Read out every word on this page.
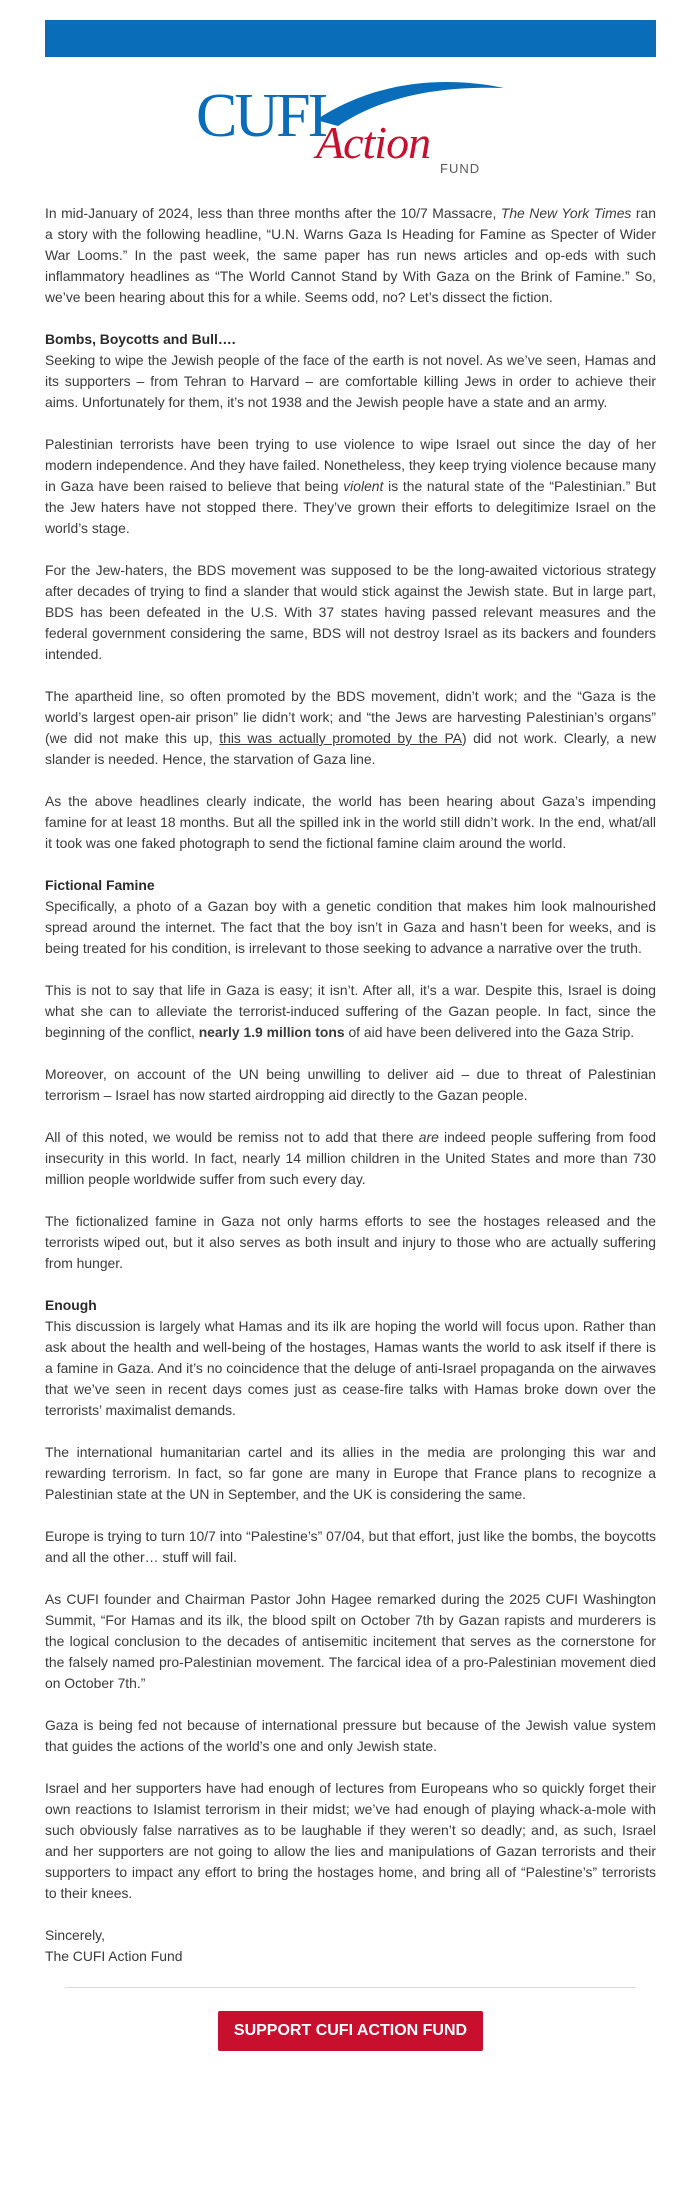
CUFI
Action
FUND

In mid-January of 2024, less than three months after the 10/7 Massacre, The New York Times ran a story with the following headline, “U.N. Warns Gaza Is Heading for Famine as Specter of Wider War Looms.” In the past week, the same paper has run news articles and op-eds with such inflammatory headlines as “The World Cannot Stand by With Gaza on the Brink of Famine.” So, we’ve been hearing about this for a while. Seems odd, no? Let’s dissect the fiction.

Bombs, Boycotts and Bull….

Seeking to wipe the Jewish people of the face of the earth is not novel. As we’ve seen, Hamas and its supporters – from Tehran to Harvard – are comfortable killing Jews in order to achieve their aims. Unfortunately for them, it’s not 1938 and the Jewish people have a state and an army.

Palestinian terrorists have been trying to use violence to wipe Israel out since the day of her modern independence. And they have failed. Nonetheless, they keep trying violence because many in Gaza have been raised to believe that being violent is the natural state of the “Palestinian.” But the Jew haters have not stopped there. They’ve grown their efforts to delegitimize Israel on the world’s stage.

For the Jew-haters, the BDS movement was supposed to be the long-awaited victorious strategy after decades of trying to find a slander that would stick against the Jewish state. But in large part, BDS has been defeated in the U.S. With 37 states having passed relevant measures and the federal government considering the same, BDS will not destroy Israel as its backers and founders intended.

The apartheid line, so often promoted by the BDS movement, didn’t work; and the “Gaza is the world’s largest open-air prison” lie didn’t work; and “the Jews are harvesting Palestinian’s organs” (we did not make this up, this was actually promoted by the PA) did not work. Clearly, a new slander is needed. Hence, the starvation of Gaza line.

As the above headlines clearly indicate, the world has been hearing about Gaza’s impending famine for at least 18 months. But all the spilled ink in the world still didn’t work. In the end, what/all it took was one faked photograph to send the fictional famine claim around the world.

Fictional Famine

Specifically, a photo of a Gazan boy with a genetic condition that makes him look malnourished spread around the internet. The fact that the boy isn’t in Gaza and hasn’t been for weeks, and is being treated for his condition, is irrelevant to those seeking to advance a narrative over the truth.

This is not to say that life in Gaza is easy; it isn’t. After all, it’s a war. Despite this, Israel is doing what she can to alleviate the terrorist-induced suffering of the Gazan people. In fact, since the beginning of the conflict, nearly 1.9 million tons of aid have been delivered into the Gaza Strip.

Moreover, on account of the UN being unwilling to deliver aid – due to threat of Palestinian terrorism – Israel has now started airdropping aid directly to the Gazan people.

All of this noted, we would be remiss not to add that there are indeed people suffering from food insecurity in this world. In fact, nearly 14 million children in the United States and more than 730 million people worldwide suffer from such every day.

The fictionalized famine in Gaza not only harms efforts to see the hostages released and the terrorists wiped out, but it also serves as both insult and injury to those who are actually suffering from hunger.

Enough

This discussion is largely what Hamas and its ilk are hoping the world will focus upon. Rather than ask about the health and well-being of the hostages, Hamas wants the world to ask itself if there is a famine in Gaza. And it’s no coincidence that the deluge of anti-Israel propaganda on the airwaves that we’ve seen in recent days comes just as cease-fire talks with Hamas broke down over the terrorists’ maximalist demands.

The international humanitarian cartel and its allies in the media are prolonging this war and rewarding terrorism. In fact, so far gone are many in Europe that France plans to recognize a Palestinian state at the UN in September, and the UK is considering the same.

Europe is trying to turn 10/7 into “Palestine’s” 07/04, but that effort, just like the bombs, the boycotts and all the other… stuff will fail.

As CUFI founder and Chairman Pastor John Hagee remarked during the 2025 CUFI Washington Summit, “For Hamas and its ilk, the blood spilt on October 7th by Gazan rapists and murderers is the logical conclusion to the decades of antisemitic incitement that serves as the cornerstone for the falsely named pro-Palestinian movement. The farcical idea of a pro-Palestinian movement died on October 7th.”

Gaza is being fed not because of international pressure but because of the Jewish value system that guides the actions of the world’s one and only Jewish state.

Israel and her supporters have had enough of lectures from Europeans who so quickly forget their own reactions to Islamist terrorism in their midst; we’ve had enough of playing whack-a-mole with such obviously false narratives as to be laughable if they weren’t so deadly; and, as such, Israel and her supporters are not going to allow the lies and manipulations of Gazan terrorists and their supporters to impact any effort to bring the hostages home, and bring all of “Palestine’s” terrorists to their knees.

Sincerely,
The CUFI Action Fund

SUPPORT CUFI ACTION FUND
